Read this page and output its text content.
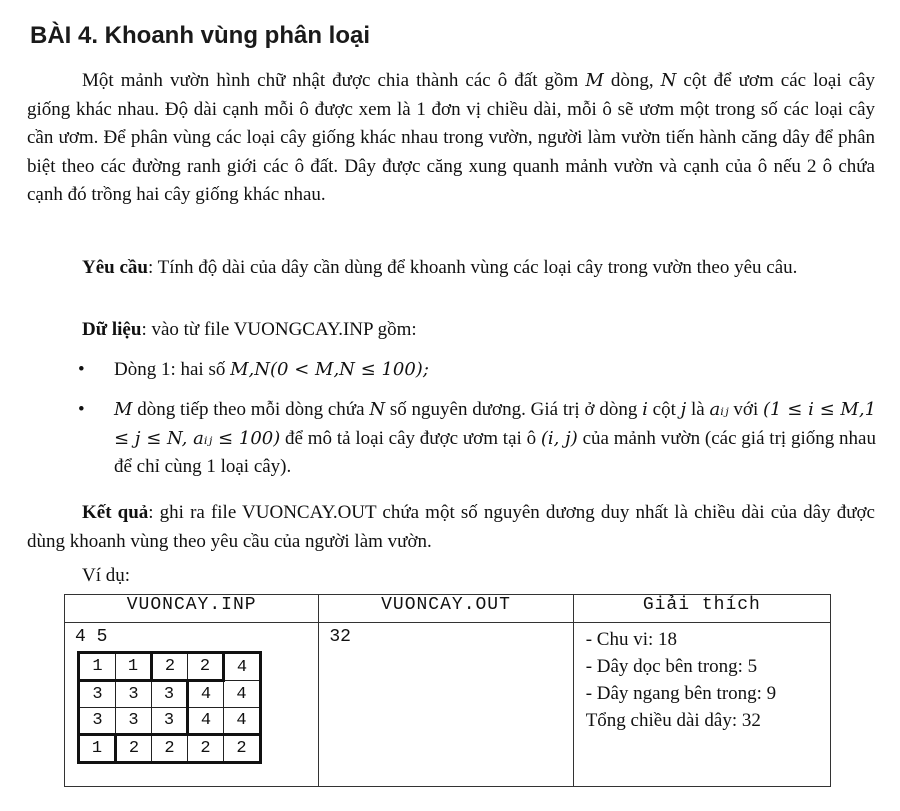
BÀI 4. Khoanh vùng phân loại

Một mảnh vườn hình chữ nhật được chia thành các ô đất gồm M dòng, N cột để ươm các loại cây giống khác nhau. Độ dài cạnh mỗi ô được xem là 1 đơn vị chiều dài, mỗi ô sẽ ươm một trong số các loại cây cần ươm. Để phân vùng các loại cây giống khác nhau trong vườn, người làm vườn tiến hành căng dây để phân biệt theo các đường ranh giới các ô đất. Dây được căng xung quanh mảnh vườn và cạnh của ô nếu 2 ô chứa cạnh đó trồng hai cây giống khác nhau.

Yêu cầu: Tính độ dài của dây cần dùng để khoanh vùng các loại cây trong vườn theo yêu câu.

Dữ liệu: vào từ file VUONGCAY.INP gồm:

• Dòng 1: hai số M,N(0 < M,N ≤ 100);
• M dòng tiếp theo mỗi dòng chứa N số nguyên dương. Giá trị ở dòng i cột j là aᵢⱼ với (1 ≤ i ≤ M,1 ≤ j ≤ N, aᵢⱼ ≤ 100) để mô tả loại cây được ươm tại ô (i, j) của mảnh vườn (các giá trị giống nhau để chỉ cùng 1 loại cây).

Kết quả: ghi ra file VUONCAY.OUT chứa một số nguyên dương duy nhất là chiều dài của dây được dùng khoanh vùng theo yêu cầu của người làm vườn.

Ví dụ:

VUONCAY.INP	VUONCAY.OUT	Giải thích

4 5
1	1	2	2	4
3	3	3	4	4
3	3	3	4	4
1	2	2	2	2

32	- Chu vi: 18
- Dây dọc bên trong: 5
- Dây ngang bên trong: 9
Tổng chiều dài dây: 32
